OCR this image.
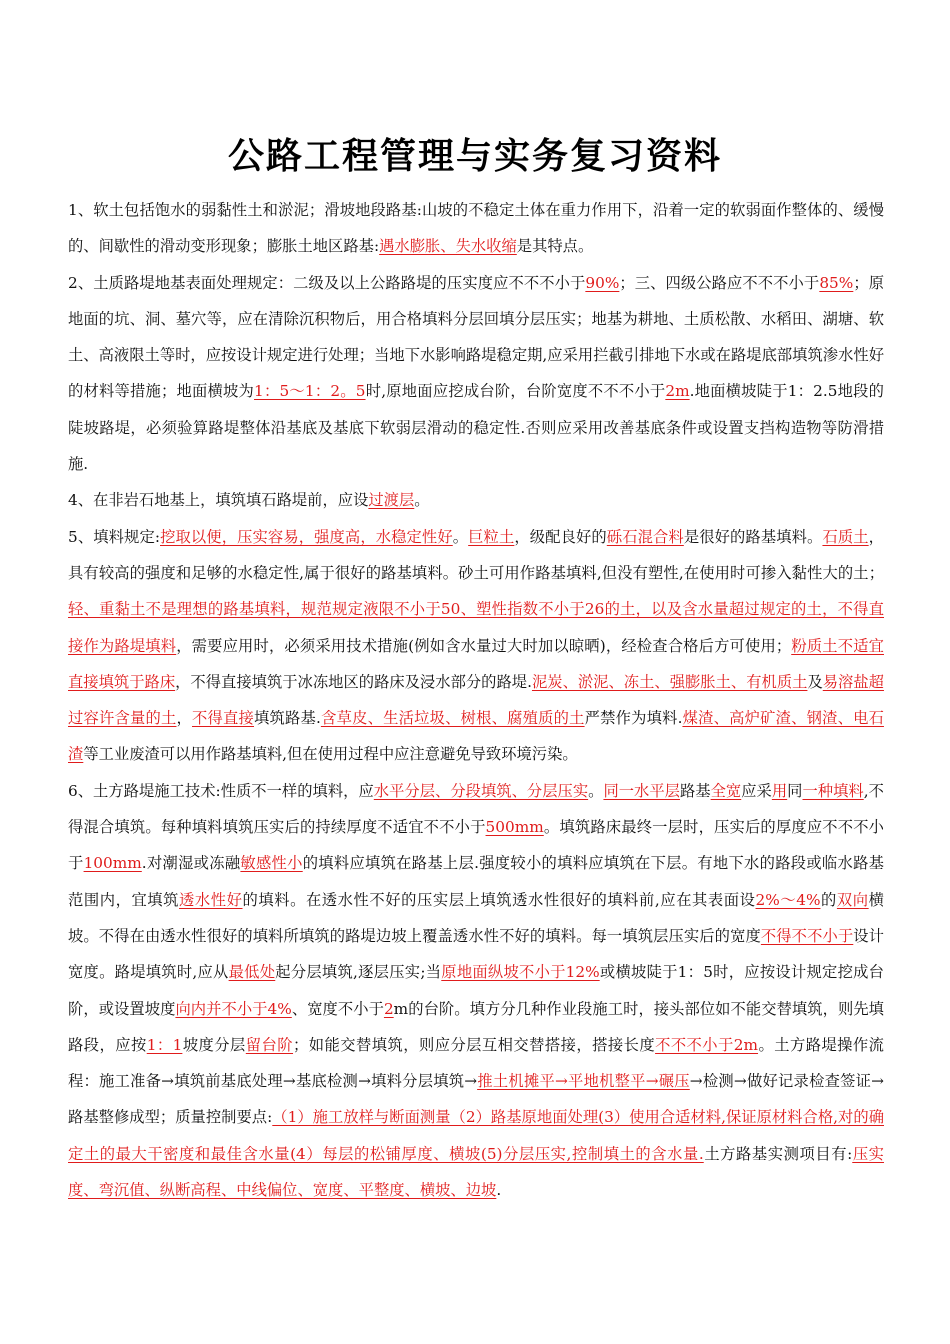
公路工程管理与实务复习资料

1、软土包括饱水的弱黏性土和淤泥；滑坡地段路基:山坡的不稳定土体在重力作用下，沿着一定的软弱面作整体的、缓慢的、间歇性的滑动变形现象；膨胀土地区路基:遇水膨胀、失水收缩是其特点。

2、土质路堤地基表面处理规定：二级及以上公路路堤的压实度应不不不小于90%；三、四级公路应不不不小于85%；原地面的坑、洞、墓穴等，应在清除沉积物后，用合格填料分层回填分层压实；地基为耕地、土质松散、水稻田、湖塘、软土、高液限土等时，应按设计规定进行处理；当地下水影响路堤稳定期,应采用拦截引排地下水或在路堤底部填筑渗水性好的材料等措施；地面横坡为1：5～1：2。5时,原地面应挖成台阶，台阶宽度不不不小于2m.地面横坡陡于1：2.5地段的陡坡路堤，必须验算路堤整体沿基底及基底下软弱层滑动的稳定性.否则应采用改善基底条件或设置支挡构造物等防滑措施.

4、在非岩石地基上，填筑填石路堤前，应设过渡层。

5、填料规定:挖取以便，压实容易，强度高，水稳定性好。巨粒土，级配良好的砾石混合料是很好的路基填料。石质土，具有较高的强度和足够的水稳定性,属于很好的路基填料。砂土可用作路基填料,但没有塑性,在使用时可掺入黏性大的土；轻、重黏土不是理想的路基填料，规范规定液限不小于50、塑性指数不小于26的土，以及含水量超过规定的土，不得直接作为路堤填料，需要应用时，必须采用技术措施(例如含水量过大时加以晾晒)，经检查合格后方可使用；粉质土不适宜直接填筑于路床，不得直接填筑于冰冻地区的路床及浸水部分的路堤.泥炭、淤泥、冻土、强膨胀土、有机质土及易溶盐超过容许含量的土，不得直接填筑路基.含草皮、生活垃圾、树根、腐殖质的土严禁作为填料.煤渣、高炉矿渣、钢渣、电石渣等工业废渣可以用作路基填料,但在使用过程中应注意避免导致环境污染。

6、土方路堤施工技术:性质不一样的填料，应水平分层、分段填筑、分层压实。同一水平层路基全宽应采用同一种填料,不得混合填筑。每种填料填筑压实后的持续厚度不适宜不不小于500mm。填筑路床最终一层时，压实后的厚度应不不不小于100mm.对潮湿或冻融敏感性小的填料应填筑在路基上层.强度较小的填料应填筑在下层。有地下水的路段或临水路基范围内，宜填筑透水性好的填料。在透水性不好的压实层上填筑透水性很好的填料前,应在其表面设2%～4%的双向横坡。不得在由透水性很好的填料所填筑的路堤边坡上覆盖透水性不好的填料。每一填筑层压实后的宽度不得不不小于设计宽度。路堤填筑时,应从最低处起分层填筑,逐层压实;当原地面纵坡不小于12%或横坡陡于1：5时，应按设计规定挖成台阶，或设置坡度向内并不小于4%、宽度不小于2m的台阶。填方分几种作业段施工时，接头部位如不能交替填筑，则先填路段，应按1：1坡度分层留台阶；如能交替填筑，则应分层互相交替搭接，搭接长度不不不小于2m。土方路堤操作流程：施工准备→填筑前基底处理→基底检测→填料分层填筑→推土机摊平→平地机整平→碾压→检测→做好记录检查签证→路基整修成型；质量控制要点:（1）施工放样与断面测量（2）路基原地面处理(3）使用合适材料,保证原材料合格,对的确定土的最大干密度和最佳含水量(4）每层的松铺厚度、横坡(5)分层压实,控制填土的含水量.土方路基实测项目有:压实度、弯沉值、纵断高程、中线偏位、宽度、平整度、横坡、边坡.
